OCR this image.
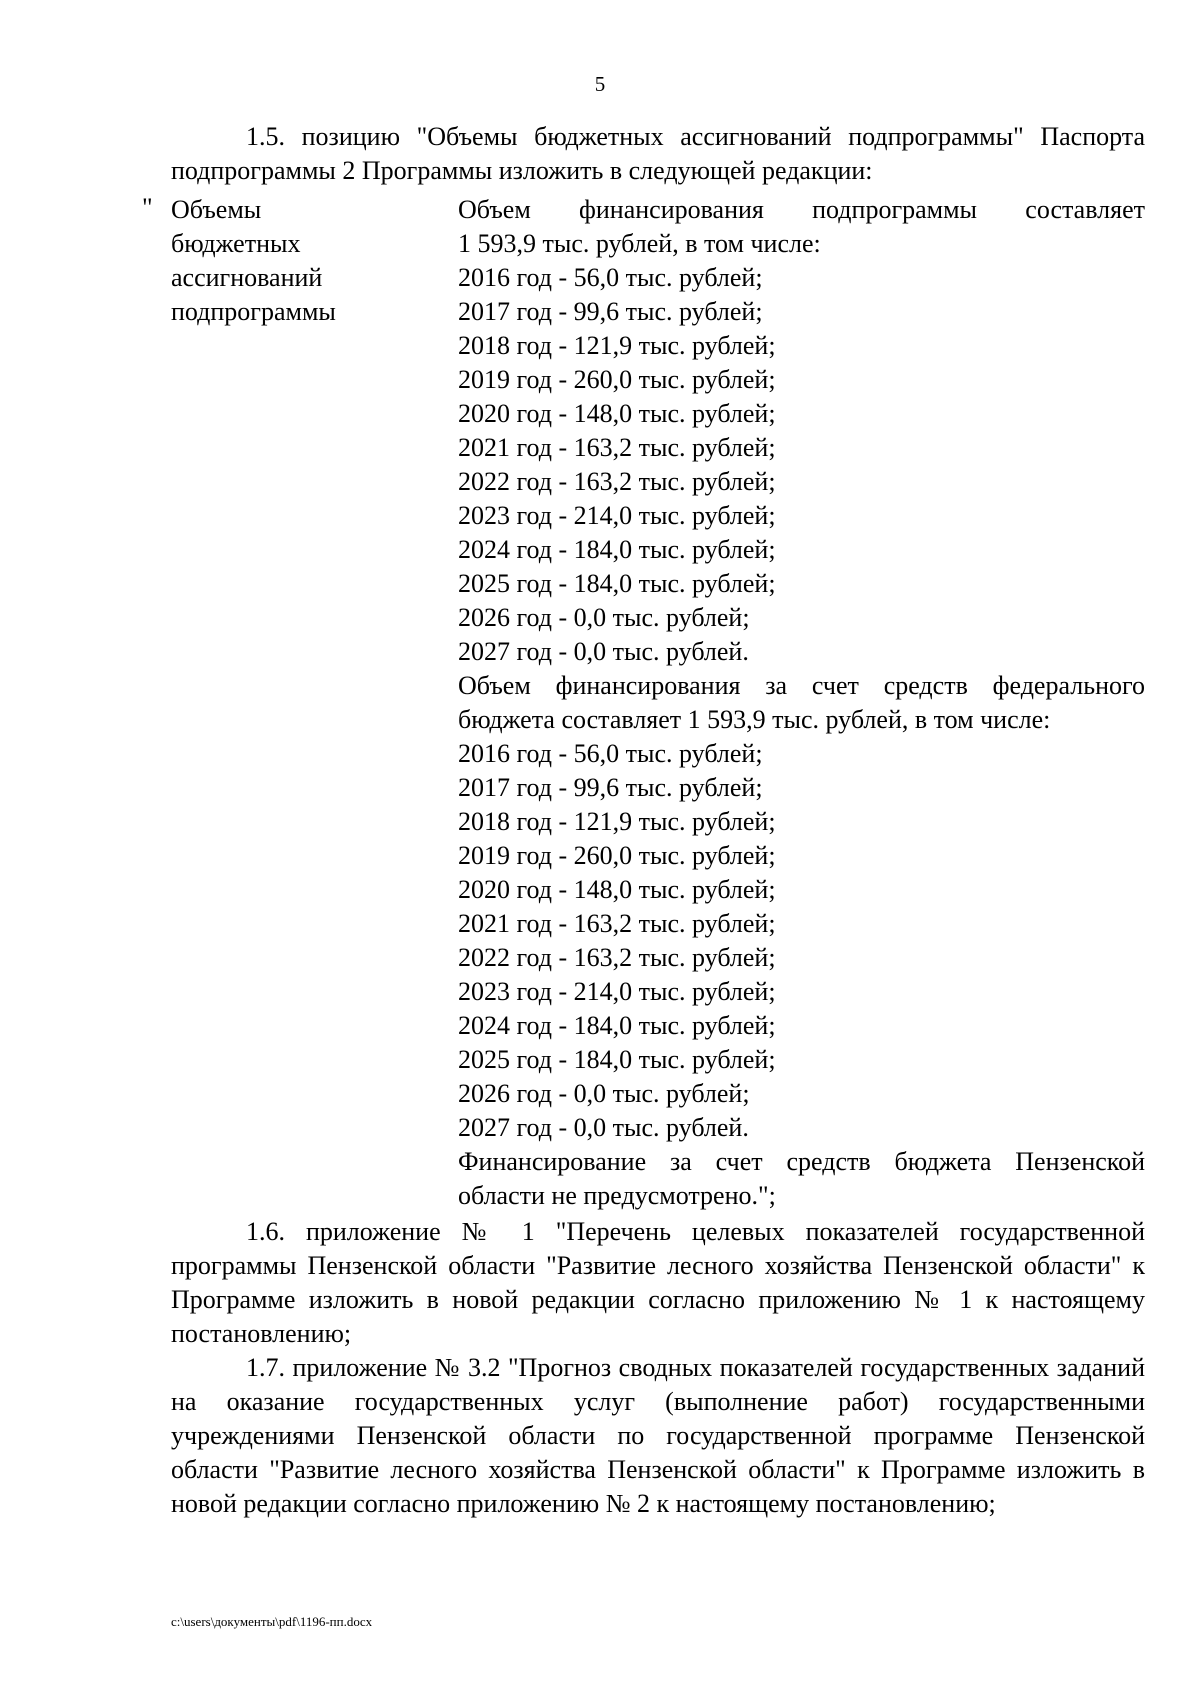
5

1.5. позицию "Объемы бюджетных ассигнований подпрограммы" Паспорта подпрограммы 2 Программы изложить в следующей редакции:

" Объемы
бюджетных
ассигнований
подпрограммы
Объем финансирования подпрограммы составляет
1 593,9 тыс. рублей, в том числе:
2016 год - 56,0 тыс. рублей;
2017 год - 99,6 тыс. рублей;
2018 год - 121,9 тыс. рублей;
2019 год - 260,0 тыс. рублей;
2020 год - 148,0 тыс. рублей;
2021 год - 163,2 тыс. рублей;
2022 год - 163,2 тыс. рублей;
2023 год - 214,0 тыс. рублей;
2024 год - 184,0 тыс. рублей;
2025 год - 184,0 тыс. рублей;
2026 год - 0,0 тыс. рублей;
2027 год - 0,0 тыс. рублей.
Объем финансирования за счет средств федерального бюджета составляет 1 593,9 тыс. рублей, в том числе:
2016 год - 56,0 тыс. рублей;
2017 год - 99,6 тыс. рублей;
2018 год - 121,9 тыс. рублей;
2019 год - 260,0 тыс. рублей;
2020 год - 148,0 тыс. рублей;
2021 год - 163,2 тыс. рублей;
2022 год - 163,2 тыс. рублей;
2023 год - 214,0 тыс. рублей;
2024 год - 184,0 тыс. рублей;
2025 год - 184,0 тыс. рублей;
2026 год - 0,0 тыс. рублей;
2027 год - 0,0 тыс. рублей.
Финансирование за счет средств бюджета Пензенской области не предусмотрено.";

1.6. приложение № 1 "Перечень целевых показателей государственной программы Пензенской области "Развитие лесного хозяйства Пензенской области" к Программе изложить в новой редакции согласно приложению № 1 к настоящему постановлению;

1.7. приложение № 3.2 "Прогноз сводных показателей государственных заданий на оказание государственных услуг (выполнение работ) государственными учреждениями Пензенской области по государственной программе Пензенской области "Развитие лесного хозяйства Пензенской области" к Программе изложить в новой редакции согласно приложению № 2 к настоящему постановлению;

c:\users\документы\pdf\1196-пп.docx
